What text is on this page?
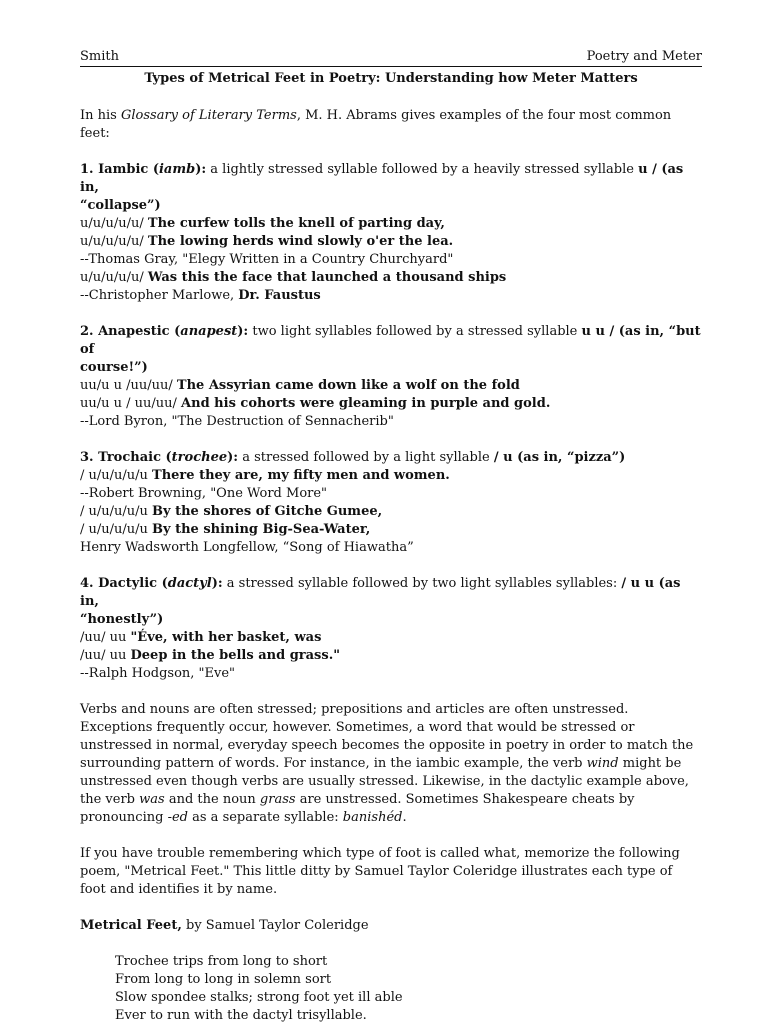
Smith	Poetry and Meter
Types of Metrical Feet in Poetry: Understanding how Meter Matters

In his Glossary of Literary Terms, M. H. Abrams gives examples of the four most common feet:

1. Iambic (iamb): a lightly stressed syllable followed by a heavily stressed syllable u / (as in,
“collapse”)

u/u/u/u/u/ The curfew tolls the knell of parting day,

u/u/u/u/u/ The lowing herds wind slowly o'er the lea.

--Thomas Gray, "Elegy Written in a Country Churchyard"

u/u/u/u/u/ Was this the face that launched a thousand ships

--Christopher Marlowe, Dr. Faustus

2. Anapestic (anapest): two light syllables followed by a stressed syllable u u / (as in, “but of
course!”)

uu/u u /uu/uu/ The Assyrian came down like a wolf on the fold

uu/u u / uu/uu/ And his cohorts were gleaming in purple and gold.

--Lord Byron, "The Destruction of Sennacherib"

3. Trochaic (trochee): a stressed followed by a light syllable / u (as in, “pizza”)

/ u/u/u/u/u There they are, my fifty men and women.

--Robert Browning, "One Word More"

/ u/u/u/u/u By the shores of Gitche Gumee,

/ u/u/u/u/u By the shining Big-Sea-Water,

Henry Wadsworth Longfellow, “Song of Hiawatha”

4. Dactylic (dactyl): a stressed syllable followed by two light syllables syllables: / u u (as in,
“honestly”)

/uu/ uu "Éve, with her basket, was

/uu/ uu Deep in the bells and grass."

--Ralph Hodgson, "Eve"

Verbs and nouns are often stressed; prepositions and articles are often unstressed. Exceptions frequently occur, however. Sometimes, a word that would be stressed or unstressed in normal, everyday speech becomes the opposite in poetry in order to match the surrounding pattern of words. For instance, in the iambic example, the verb wind might be unstressed even though verbs are usually stressed. Likewise, in the dactylic example above, the verb was and the noun grass are unstressed. Sometimes Shakespeare cheats by pronouncing -ed as a separate syllable: banishéd.

If you have trouble remembering which type of foot is called what, memorize the following poem, "Metrical Feet." This little ditty by Samuel Taylor Coleridge illustrates each type of foot and identifies it by name.

Metrical Feet, by Samuel Taylor Coleridge

Trochee trips from long to short

From long to long in solemn sort

Slow spondee stalks; strong foot yet ill able

Ever to run with the dactyl trisyllable.
